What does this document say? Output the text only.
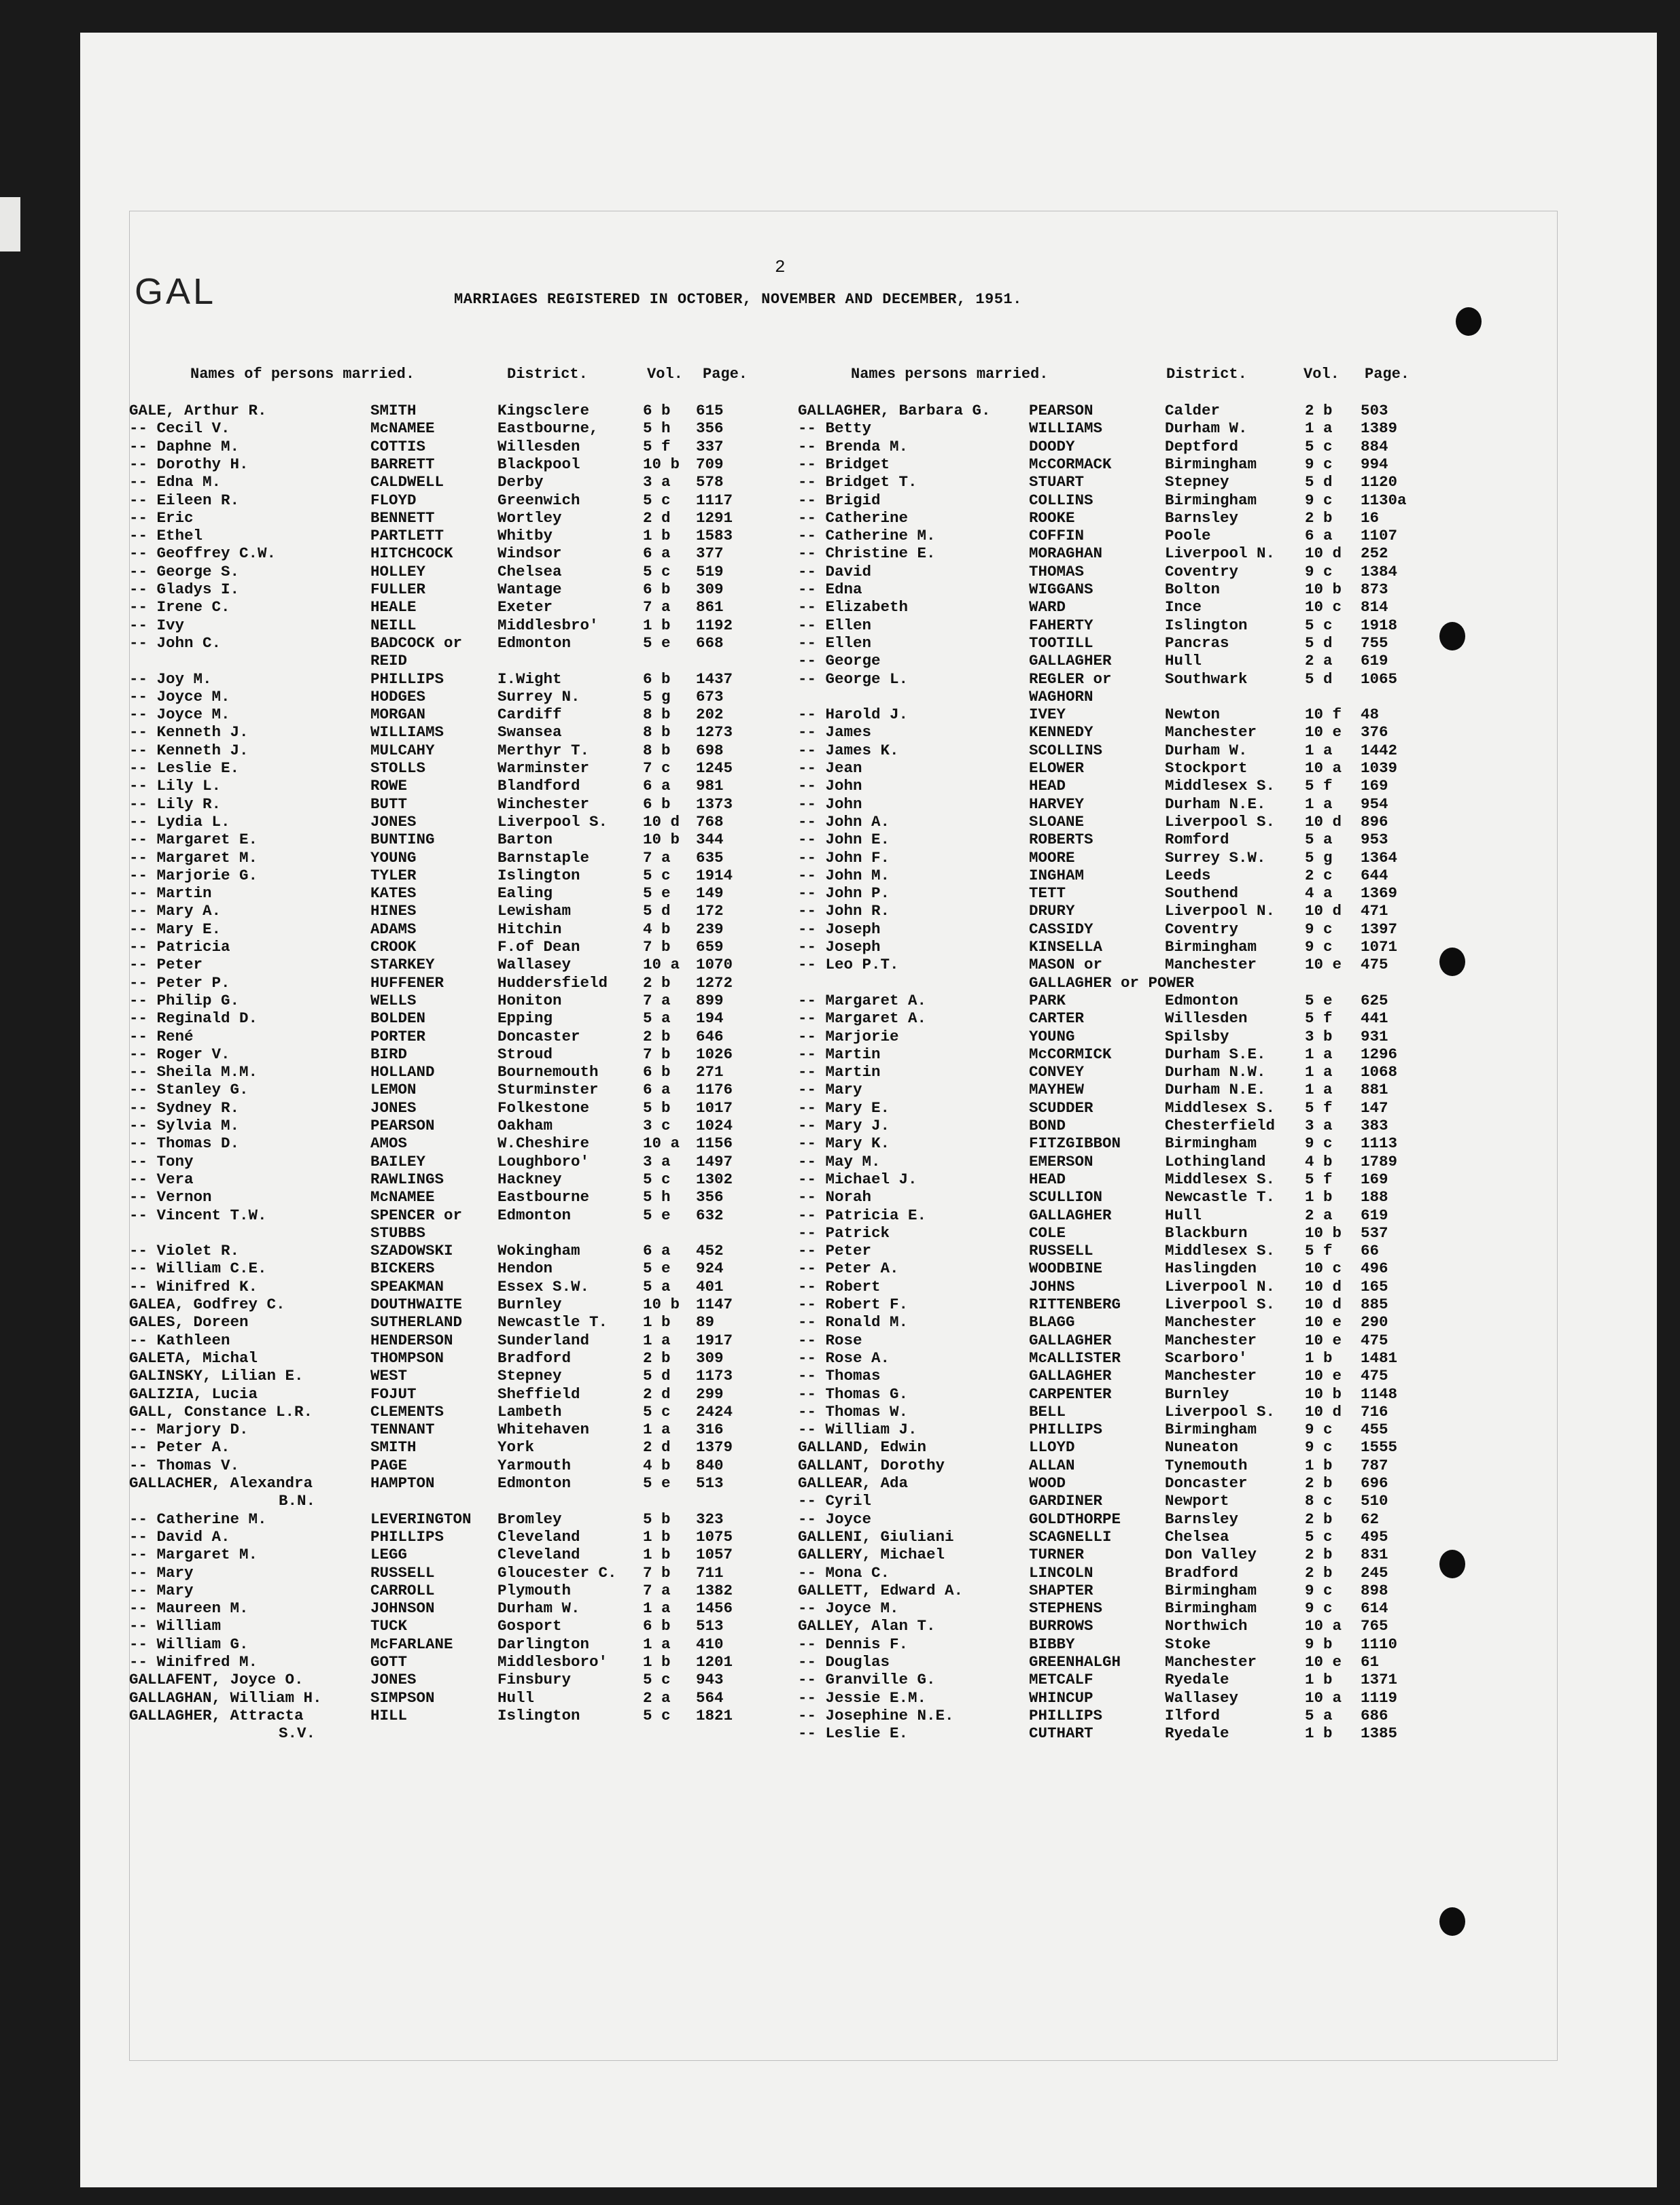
GAL
2
MARRIAGES REGISTERED IN OCTOBER, NOVEMBER AND DECEMBER, 1951.
Names of persons married.	District.	Vol. Page.	Names persons married.	District.	Vol. Page.
GALE, Arthur R.	SMITH	Kingsclere	6 b 615
-- Cecil V.	McNAMEE	Eastbourne,	5 h 356
-- Daphne M.	COTTIS	Willesden	5 f 337
-- Dorothy H.	BARRETT	Blackpool	10 b 709
-- Edna M.	CALDWELL	Derby	3 a 578
-- Eileen R.	FLOYD	Greenwich	5 c 1117
-- Eric	BENNETT	Wortley	2 d 1291
-- Ethel	PARTLETT	Whitby	1 b 1583
-- Geoffrey C.W.	HITCHCOCK	Windsor	6 a 377
-- George S.	HOLLEY	Chelsea	5 c 519
-- Gladys I.	FULLER	Wantage	6 b 309
-- Irene C.	HEALE	Exeter	7 a 861
-- Ivy	NEILL	Middlesbro'	1 b 1192
-- John C.	BADCOCK or Edmonton	5 e 668
REID
-- Joy M.	PHILLIPS	I.Wight	6 b 1437
-- Joyce M.	HODGES	Surrey N.	5 g 673
-- Joyce M.	MORGAN	Cardiff	8 b 202
-- Kenneth J.	WILLIAMS	Swansea	8 b 1273
-- Kenneth J.	MULCAHY	Merthyr T.	8 b 698
-- Leslie E.	STOLLS	Warminster	7 c 1245
-- Lily L.	ROWE	Blandford	6 a 981
-- Lily R.	BUTT	Winchester	6 b 1373
-- Lydia L.	JONES	Liverpool S. 10 d 768
-- Margaret E.	BUNTING	Barton	10 b 344
-- Margaret M.	YOUNG	Barnstaple	7 a 635
-- Marjorie G.	TYLER	Islington	5 c 1914
-- Martin	KATES	Ealing	5 e 149
-- Mary A.	HINES	Lewisham	5 d 172
-- Mary E.	ADAMS	Hitchin	4 b 239
-- Patricia	CROOK	F.of Dean	7 b 659
-- Peter	STARKEY	Wallasey	10 a 1070
-- Peter P.	HUFFENER	Huddersfield 2 b 1272
-- Philip G.	WELLS	Honiton	7 a 899
-- Reginald D.	BOLDEN	Epping	5 a 194
-- René	PORTER	Doncaster	2 b 646
-- Roger V.	BIRD	Stroud	7 b 1026
-- Sheila M.M.	HOLLAND	Bournemouth	6 b 271
-- Stanley G.	LEMON	Sturminster	6 a 1176
-- Sydney R.	JONES	Folkestone	5 b 1017
-- Sylvia M.	PEARSON	Oakham	3 c 1024
-- Thomas D.	AMOS	W.Cheshire	10 a 1156
-- Tony	BAILEY	Loughboro'	3 a 1497
-- Vera	RAWLINGS	Hackney	5 c 1302
-- Vernon	McNAMEE	Eastbourne	5 h 356
-- Vincent T.W.	SPENCER or Edmonton	5 e 632
STUBBS
-- Violet R.	SZADOWSKI	Wokingham	6 a 452
-- William C.E.	BICKERS	Hendon	5 e 924
-- Winifred K.	SPEAKMAN	Essex S.W.	5 a 401
GALEA, Godfrey C.	DOUTHWAITE Burnley	10 b 1147
GALES, Doreen	SUTHERLAND Newcastle T. 1 b 89
-- Kathleen	HENDERSON	Sunderland	1 a 1917
GALETA, Michal	THOMPSON	Bradford	2 b 309
GALINSKY, Lilian E.	WEST	Stepney	5 d 1173
GALIZIA, Lucia	FOJUT	Sheffield	2 d 299
GALL, Constance L.R.	CLEMENTS	Lambeth	5 c 2424
-- Marjory D.	TENNANT	Whitehaven	1 a 316
-- Peter A.	SMITH	York	2 d 1379
-- Thomas V.	PAGE	Yarmouth	4 b 840
GALLACHER, Alexandra	HAMPTON	Edmonton	5 e 513
B.N.
-- Catherine M.	LEVERINGTON Bromley	5 b 323
-- David A.	PHILLIPS	Cleveland	1 b 1075
-- Margaret M.	LEGG	Cleveland	1 b 1057
-- Mary	RUSSELL	Gloucester C. 7 b 711
-- Mary	CARROLL	Plymouth	7 a 1382
-- Maureen M.	JOHNSON	Durham W.	1 a 1456
-- William	TUCK	Gosport	6 b 513
-- William G.	McFARLANE	Darlington	1 a 410
-- Winifred M.	GOTT	Middlesboro' 1 b 1201
GALLAFENT, Joyce O.	JONES	Finsbury	5 c 943
GALLAGHAN, William H.	SIMPSON	Hull	2 a 564
GALLAGHER, Attracta	HILL	Islington	5 c 1821
S.V.
GALLAGHER, Barbara G.	PEARSON	Calder	2 b 503
-- Betty	WILLIAMS	Durham W.	1 a 1389
-- Brenda M.	DOODY	Deptford	5 c 884
-- Bridget	McCORMACK	Birmingham	9 c 994
-- Bridget T.	STUART	Stepney	5 d 1120
-- Brigid	COLLINS	Birmingham	9 c 1130a
-- Catherine	ROOKE	Barnsley	2 b 16
-- Catherine M.	COFFIN	Poole	6 a 1107
-- Christine E.	MORAGHAN	Liverpool N. 10 d 252
-- David	THOMAS	Coventry	9 c 1384
-- Edna	WIGGANS	Bolton	10 b 873
-- Elizabeth	WARD	Ince	10 c 814
-- Ellen	FAHERTY	Islington	5 c 1918
-- Ellen	TOOTILL	Pancras	5 d 755
-- George	GALLAGHER	Hull	2 a 619
-- George L.	REGLER or	Southwark	5 d 1065
WAGHORN
-- Harold J.	IVEY	Newton	10 f 48
-- James	KENNEDY	Manchester	10 e 376
-- James K.	SCOLLINS	Durham W.	1 a 1442
-- Jean	ELOWER	Stockport	10 a 1039
-- John	HEAD	Middlesex S. 5 f 169
-- John	HARVEY	Durham N.E.	1 a 954
-- John A.	SLOANE	Liverpool S. 10 d 896
-- John E.	ROBERTS	Romford	5 a 953
-- John F.	MOORE	Surrey S.W.	5 g 1364
-- John M.	INGHAM	Leeds	2 c 644
-- John P.	TETT	Southend	4 a 1369
-- John R.	DRURY	Liverpool N. 10 d 471
-- Joseph	CASSIDY	Coventry	9 c 1397
-- Joseph	KINSELLA	Birmingham	9 c 1071
-- Leo P.T.	MASON or	Manchester	10 e 475
GALLAGHER or POWER
-- Margaret A.	PARK	Edmonton	5 e 625
-- Margaret A.	CARTER	Willesden	5 f 441
-- Marjorie	YOUNG	Spilsby	3 b 931
-- Martin	McCORMICK	Durham S.E.	1 a 1296
-- Martin	CONVEY	Durham N.W.	1 a 1068
-- Mary	MAYHEW	Durham N.E.	1 a 881
-- Mary E.	SCUDDER	Middlesex S. 5 f 147
-- Mary J.	BOND	Chesterfield 3 a 383
-- Mary K.	FITZGIBBON	Birmingham	9 c 1113
-- May M.	EMERSON	Lothingland	4 b 1789
-- Michael J.	HEAD	Middlesex S. 5 f 169
-- Norah	SCULLION	Newcastle T. 1 b 188
-- Patricia E.	GALLAGHER	Hull	2 a 619
-- Patrick	COLE	Blackburn	10 b 537
-- Peter	RUSSELL	Middlesex S. 5 f 66
-- Peter A.	WOODBINE	Haslingden	10 c 496
-- Robert	JOHNS	Liverpool N. 10 d 165
-- Robert F.	RITTENBERG	Liverpool S. 10 d 885
-- Ronald M.	BLAGG	Manchester	10 e 290
-- Rose	GALLAGHER	Manchester	10 e 475
-- Rose A.	McALLISTER	Scarboro'	1 b 1481
-- Thomas	GALLAGHER	Manchester	10 e 475
-- Thomas G.	CARPENTER	Burnley	10 b 1148
-- Thomas W.	BELL	Liverpool S. 10 d 716
-- William J.	PHILLIPS	Birmingham	9 c 455
GALLAND, Edwin	LLOYD	Nuneaton	9 c 1555
GALLANT, Dorothy	ALLAN	Tynemouth	1 b 787
GALLEAR, Ada	WOOD	Doncaster	2 b 696
-- Cyril	GARDINER	Newport	8 c 510
-- Joyce	GOLDTHORPE	Barnsley	2 b 62
GALLENI, Giuliani	SCAGNELLI	Chelsea	5 c 495
GALLERY, Michael	TURNER	Don Valley	2 b 831
-- Mona C.	LINCOLN	Bradford	2 b 245
GALLETT, Edward A.	SHAPTER	Birmingham	9 c 898
-- Joyce M.	STEPHENS	Birmingham	9 c 614
GALLEY, Alan T.	BURROWS	Northwich	10 a 765
-- Dennis F.	BIBBY	Stoke	9 b 1110
-- Douglas	GREENHALGH	Manchester	10 e 61
-- Granville G.	METCALF	Ryedale	1 b 1371
-- Jessie E.M.	WHINCUP	Wallasey	10 a 1119
-- Josephine N.E.	PHILLIPS	Ilford	5 a 686
-- Leslie E.	CUTHART	Ryedale	1 b 1385
